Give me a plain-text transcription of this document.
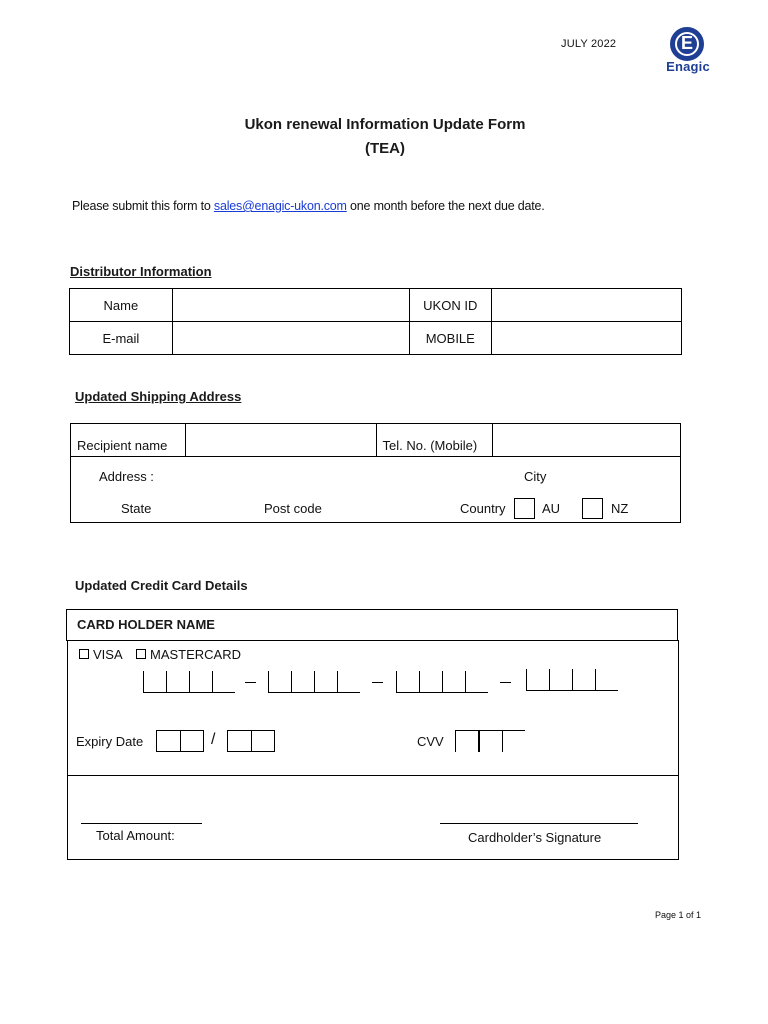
JULY 2022	E
Enagic
Ukon renewal Information Update Form
(TEA)
Please submit this form to sales@enagic-ukon.com one month before the next due date.
Distributor Information
Name		UKON ID	
E-mail		MOBILE	
Updated Shipping Address
Recipient name		Tel. No. (Mobile)	
Address :	City
State	Post code	Country	AU	NZ
Updated Credit Card Details
CARD HOLDER NAME
VISA MASTERCARD
Expiry Date	/	CVV
Total Amount:	Cardholder’s Signature
Page 1 of 1
